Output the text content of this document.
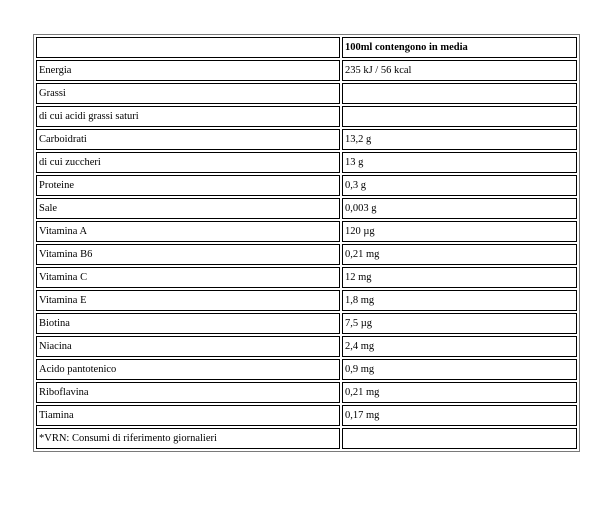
	100ml contengono in media
Energia	235 kJ / 56 kcal
Grassi	
di cui acidi grassi saturi	
Carboidrati	13,2 g
di cui zuccheri	13 g
Proteine	0,3 g
Sale	0,003 g
Vitamina A	120 µg
Vitamina B6	0,21 mg
Vitamina C	12 mg
Vitamina E	1,8 mg
Biotina	7,5 µg
Niacina	2,4 mg
Acido pantotenico	0,9 mg
Riboflavina	0,21 mg
Tiamina	0,17 mg
*VRN: Consumi di riferimento giornalieri	
